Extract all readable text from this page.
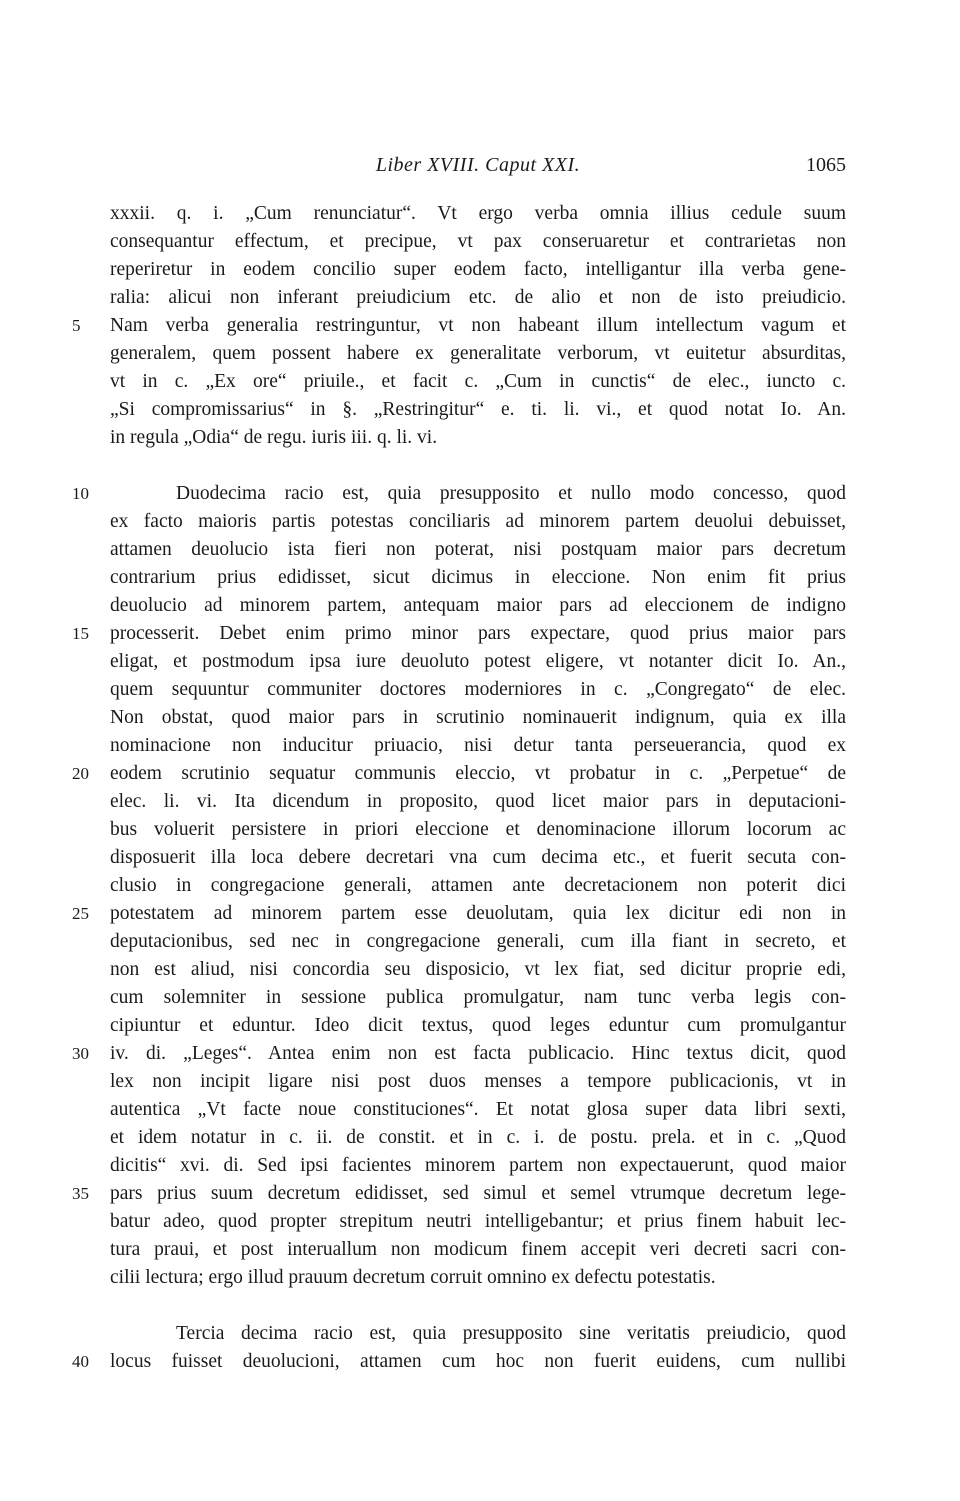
Liber XVIII. Caput XXI.	1065
xxxii. q. i. „Cum renunciatur“. Vt ergo verba omnia illius cedule suum
consequantur effectum, et precipue, vt pax conseruaretur et contrarietas non
reperiretur in eodem concilio super eodem facto, intelligantur illa verba gene-
ralia: alicui non inferant preiudicium etc. de alio et non de isto preiudicio.
5	Nam verba generalia restringuntur, vt non habeant illum intellectum vagum et
generalem, quem possent habere ex generalitate verborum, vt euitetur absurditas,
vt in c. „Ex ore“ priuile., et facit c. „Cum in cunctis“ de elec., iuncto c.
„Si compromissarius“ in §. „Restringitur“ e. ti. li. vi., et quod notat Io. An.
in regula „Odia“ de regu. iuris iii. q. li. vi.
10	Duodecima racio est, quia presupposito et nullo modo concesso, quod
ex facto maioris partis potestas conciliaris ad minorem partem deuolui debuisset,
attamen deuolucio ista fieri non poterat, nisi postquam maior pars decretum
contrarium prius edidisset, sicut dicimus in eleccione. Non enim fit prius
deuolucio ad minorem partem, antequam maior pars ad eleccionem de indigno
15	processerit. Debet enim primo minor pars expectare, quod prius maior pars
eligat, et postmodum ipsa iure deuoluto potest eligere, vt notanter dicit Io. An.,
quem sequuntur communiter doctores moderniores in c. „Congregato“ de elec.
Non obstat, quod maior pars in scrutinio nominauerit indignum, quia ex illa
nominacione non inducitur priuacio, nisi detur tanta perseuerancia, quod ex
20	eodem scrutinio sequatur communis eleccio, vt probatur in c. „Perpetue“ de
elec. li. vi. Ita dicendum in proposito, quod licet maior pars in deputacioni-
bus voluerit persistere in priori eleccione et denominacione illorum locorum ac
disposuerit illa loca debere decretari vna cum decima etc., et fuerit secuta con-
clusio in congregacione generali, attamen ante decretacionem non poterit dici
25	potestatem ad minorem partem esse deuolutam, quia lex dicitur edi non in
deputacionibus, sed nec in congregacione generali, cum illa fiant in secreto, et
non est aliud, nisi concordia seu disposicio, vt lex fiat, sed dicitur proprie edi,
cum solemniter in sessione publica promulgatur, nam tunc verba legis con-
cipiuntur et eduntur. Ideo dicit textus, quod leges eduntur cum promulgantur
30	iv. di. „Leges“. Antea enim non est facta publicacio. Hinc textus dicit, quod
lex non incipit ligare nisi post duos menses a tempore publicacionis, vt in
autentica „Vt facte noue constituciones“. Et notat glosa super data libri sexti,
et idem notatur in c. ii. de constit. et in c. i. de postu. prela. et in c. „Quod
dicitis“ xvi. di. Sed ipsi facientes minorem partem non expectauerunt, quod maior
35	pars prius suum decretum edidisset, sed simul et semel vtrumque decretum lege-
batur adeo, quod propter strepitum neutri intelligebantur; et prius finem habuit lec-
tura praui, et post interuallum non modicum finem accepit veri decreti sacri con-
cilii lectura; ergo illud prauum decretum corruit omnino ex defectu potestatis.
Tercia decima racio est, quia presupposito sine veritatis preiudicio, quod
40	locus fuisset deuolucioni, attamen cum hoc non fuerit euidens, cum nullibi
